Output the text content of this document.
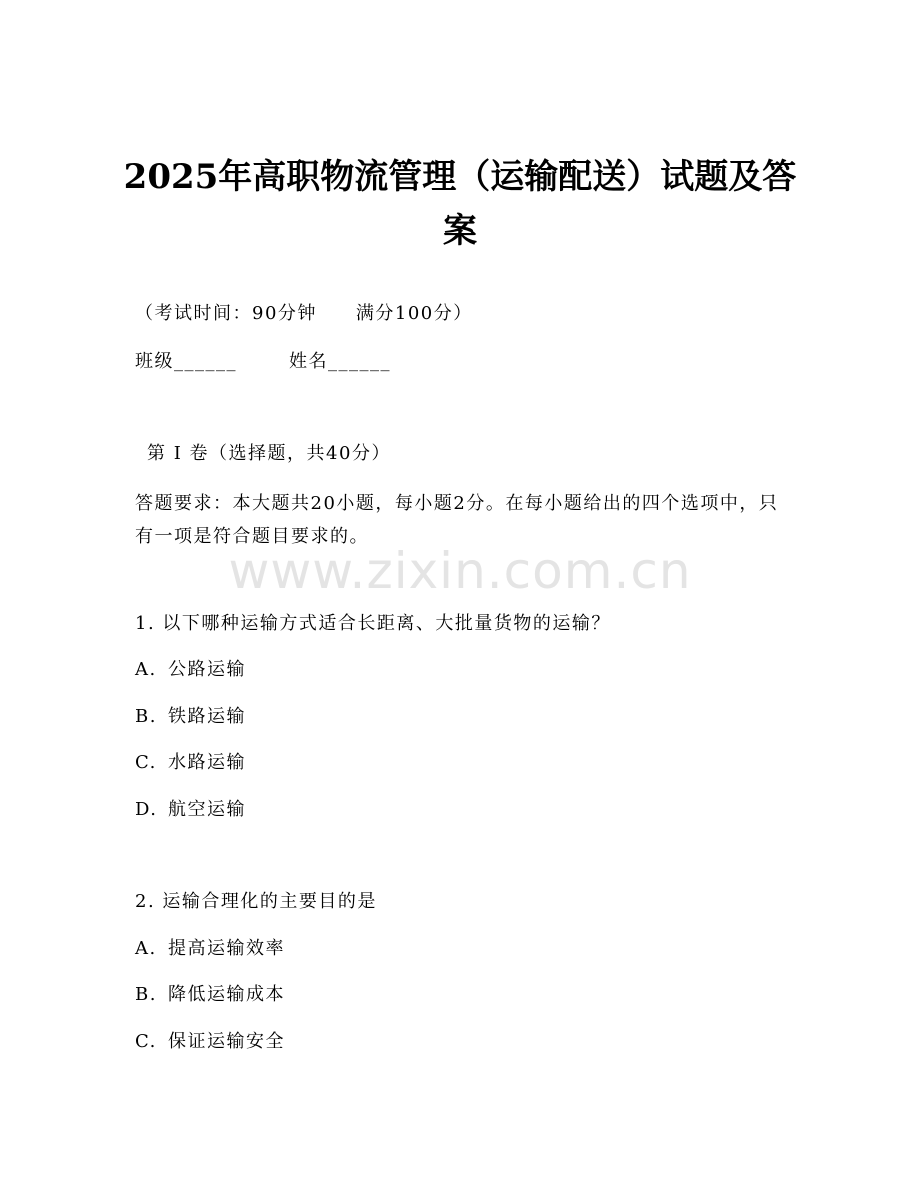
2025年高职物流管理（运输配送）试题及答案
（考试时间：90分钟　　满分100分）
班级______	姓名______
第 I 卷（选择题，共40分）
答题要求：本大题共20小题，每小题2分。在每小题给出的四个选项中，只有一项是符合题目要求的。
www.zixin.com.cn
1. 以下哪种运输方式适合长距离、大批量货物的运输？
A. 公路运输
B. 铁路运输
C. 水路运输
D. 航空运输
2. 运输合理化的主要目的是
A. 提高运输效率
B. 降低运输成本
C. 保证运输安全
